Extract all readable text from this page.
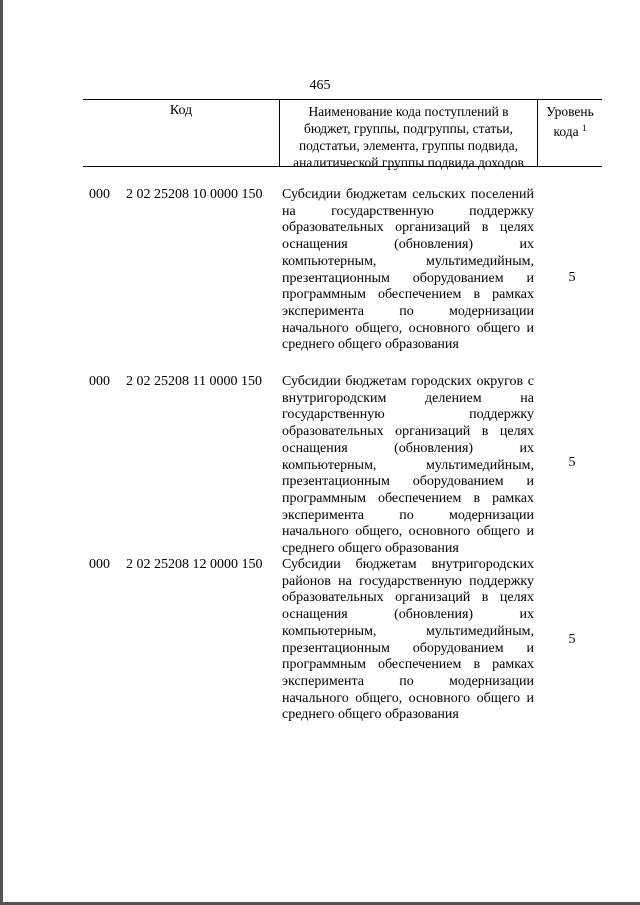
465
Код	Наименование кода поступлений в
бюджет, группы, подгруппы, статьи,
подстатьи, элемента, группы подвида,
аналитической группы подвида доходов
Уровень
кода $^1$
000 2 02 25208 10 0000 150 Субсидии бюджетам сельских поселений на государственную поддержку образовательных организаций в целях оснащения (обновления) их компьютерным, мультимедийным, презентационным оборудованием и программным обеспечением в рамках эксперимента по модернизации начального общего, основного общего и среднего общего образования
5
000 2 02 25208 11 0000 150 Субсидии бюджетам городских округов с внутригородским делением на государственную поддержку образовательных организаций в целях оснащения (обновления) их компьютерным, мультимедийным, презентационным оборудованием и программным обеспечением в рамках эксперимента по модернизации начального общего, основного общего и среднего общего образования
5
000 2 02 25208 12 0000 150 Субсидии бюджетам внутригородских районов на государственную поддержку образовательных организаций в целях оснащения (обновления) их компьютерным, мультимедийным, презентационным оборудованием и программным обеспечением в рамках эксперимента по модернизации начального общего, основного общего и среднего общего образования
5
